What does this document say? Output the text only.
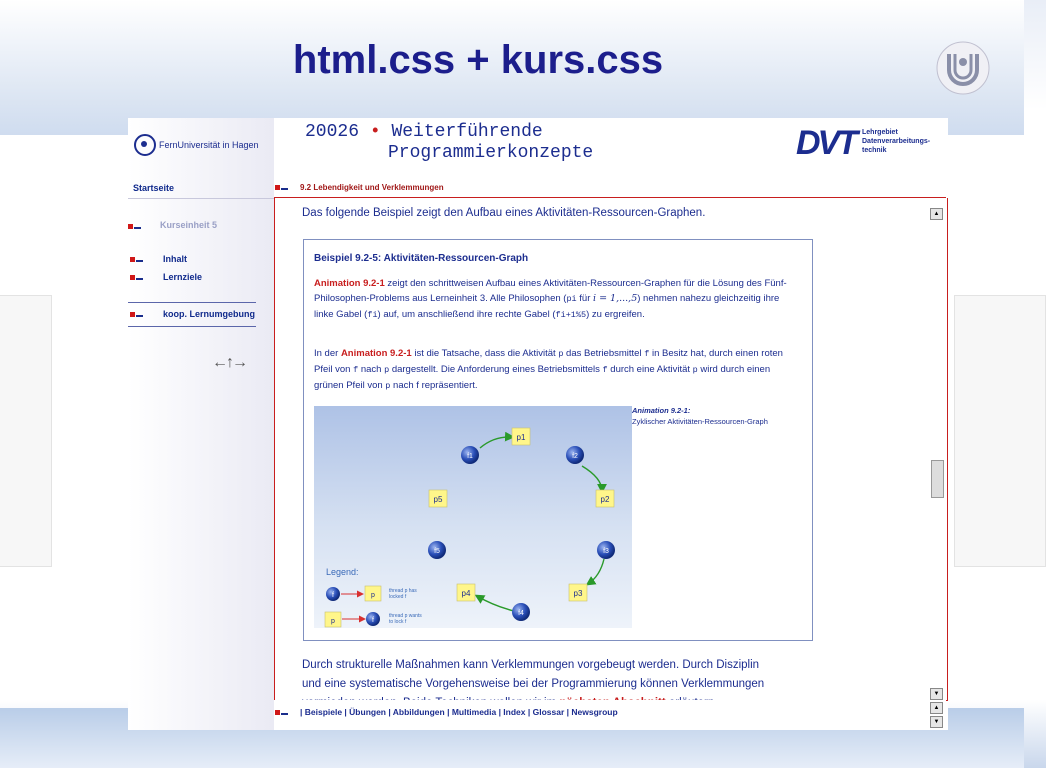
html.css + kurs.css
FernUniversität in Hagen
Startseite
Kurseinheit 5
Inhalt
Lernziele
koop. Lernumgebung
←↑→
20026 • Weiterführende
Programmierkonzepte	DVT Lehrgebiet
Datenverarbeitungs-
technik
9.2 Lebendigkeit und Verklemmungen
Das folgende Beispiel zeigt den Aufbau eines Aktivitäten-Ressourcen-Graphen.
Beispiel 9.2-5: Aktivitäten-Ressourcen-Graph
Animation 9.2-1 zeigt den schrittweisen Aufbau eines Aktivitäten-Ressourcen-Graphen für die Lösung des Fünf-Philosophen-Problems aus Lerneinheit 3. Alle Philosophen (pi für i = 1,...,5) nehmen nahezu gleichzeitig ihre linke Gabel (fi) auf, um anschließend ihre rechte Gabel (fi+1%5) zu ergreifen.
In der Animation 9.2-1 ist die Tatsache, dass die Aktivität p das Betriebsmittel f in Besitz hat, durch einen roten Pfeil von f nach p dargestellt. Die Anforderung eines Betriebsmittels f durch eine Aktivität p wird durch einen grünen Pfeil von p nach f repräsentiert.
p1
p2
p3
p4
p5
f1	f2
f3
f4
f5
Legend:
f	p
thread p has
locked f
p	f
thread p wants
to lock f
Animation 9.2-1:
Zyklischer Aktivitäten-Ressourcen-Graph
Durch strukturelle Maßnahmen kann Verklemmungen vorgebeugt werden. Durch Disziplin
und eine systematische Vorgehensweise bei der Programmierung können Verklemmungen

▲
▼
| Beispiele | Übungen | Abbildungen | Multimedia | Index | Glossar | Newsgroup	▲
▼
